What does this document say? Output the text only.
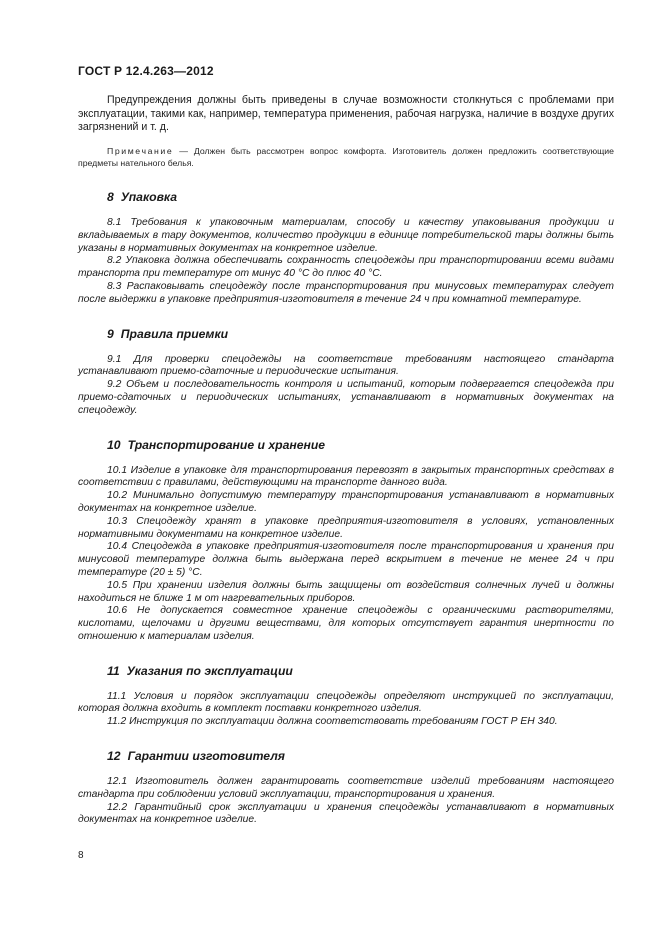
ГОСТ Р 12.4.263—2012

Предупреждения должны быть приведены в случае возможности столкнуться с проблемами при эксплуатации, такими как, например, температура применения, рабочая нагрузка, наличие в воздухе других загрязнений и т. д.

Примечание — Должен быть рассмотрен вопрос комфорта. Изготовитель должен предложить соответствующие предметы нательного белья.

8 Упаковка

8.1 Требования к упаковочным материалам, способу и качеству упаковывания продукции и вкладываемых в тару документов, количество продукции в единице потребительской тары должны быть указаны в нормативных документах на конкретное изделие.

8.2 Упаковка должна обеспечивать сохранность спецодежды при транспортировании всеми видами транспорта при температуре от минус 40 °С до плюс 40 °С.

8.3 Распаковывать спецодежду после транспортирования при минусовых температурах следует после выдержки в упаковке предприятия-изготовителя в течение 24 ч при комнатной температуре.

9 Правила приемки

9.1 Для проверки спецодежды на соответствие требованиям настоящего стандарта устанавливают приемо-сдаточные и периодические испытания.

9.2 Объем и последовательность контроля и испытаний, которым подвергается спецодежда при приемо-сдаточных и периодических испытаниях, устанавливают в нормативных документах на спецодежду.

10 Транспортирование и хранение

10.1 Изделие в упаковке для транспортирования перевозят в закрытых транспортных средствах в соответствии с правилами, действующими на транспорте данного вида.

10.2 Минимально допустимую температуру транспортирования устанавливают в нормативных документах на конкретное изделие.

10.3 Спецодежду хранят в упаковке предприятия-изготовителя в условиях, установленных нормативными документами на конкретное изделие.

10.4 Спецодежда в упаковке предприятия-изготовителя после транспортирования и хранения при минусовой температуре должна быть выдержана перед вскрытием в течение не менее 24 ч при температуре (20 ± 5) °С.

10.5 При хранении изделия должны быть защищены от воздействия солнечных лучей и должны находиться не ближе 1 м от нагревательных приборов.

10.6 Не допускается совместное хранение спецодежды с органическими растворителями, кислотами, щелочами и другими веществами, для которых отсутствует гарантия инертности по отношению к материалам изделия.

11 Указания по эксплуатации

11.1 Условия и порядок эксплуатации спецодежды определяют инструкцией по эксплуатации, которая должна входить в комплект поставки конкретного изделия.

11.2 Инструкция по эксплуатации должна соответствовать требованиям ГОСТ Р ЕН 340.

12 Гарантии изготовителя

12.1 Изготовитель должен гарантировать соответствие изделий требованиям настоящего стандарта при соблюдении условий эксплуатации, транспортирования и хранения.

12.2 Гарантийный срок эксплуатации и хранения спецодежды устанавливают в нормативных документах на конкретное изделие.

8
